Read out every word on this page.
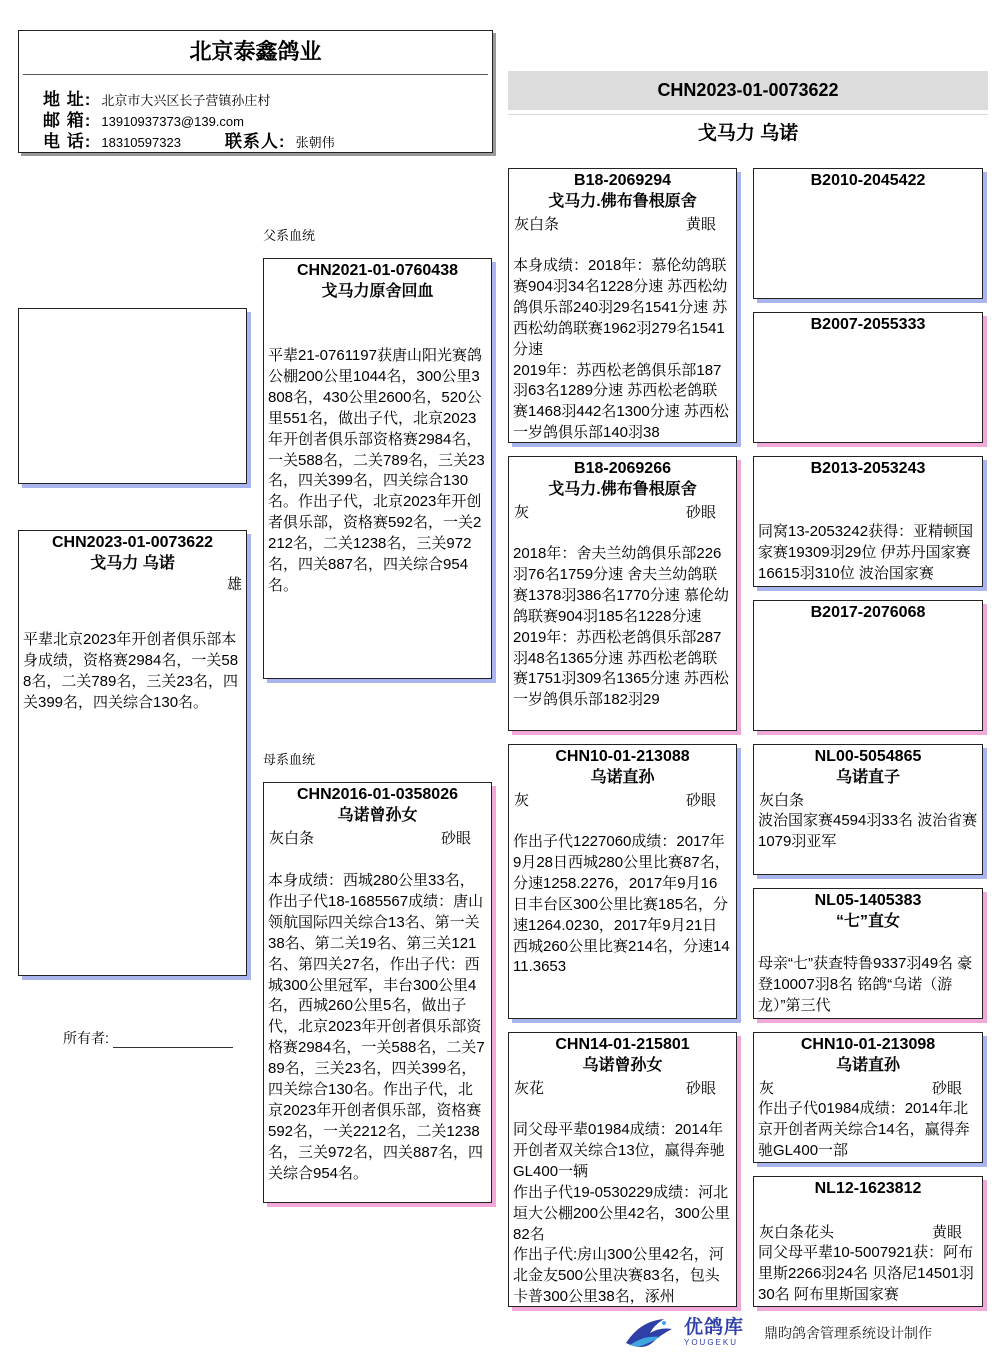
北京泰鑫鸽业
地 址: 北京市大兴区长子营镇孙庄村
邮 箱: 13910937373@139.com
电 话: 18310597323	联系人: 张朝伟
CHN2023-01-0073622
戈马力 乌诺
CHN2023-01-0073622
戈马力 乌诺
雄
平辈北京2023年开创者俱乐部本身成绩，资格赛2984名，一关588名，二关789名，三关23名，四关399名，四关综合130名。
父系血统
母系血统
CHN2021-01-0760438
戈马力原舍回血
平辈21-0761197获唐山阳光赛鸽公棚200公里1044名，300公里3808名，430公里2600名，520公里551名，做出子代，北京2023年开创者俱乐部资格赛2984名，一关588名，二关789名，三关23名，四关399名，四关综合130名。作出子代，北京2023年开创者俱乐部，资格赛592名，一关2212名，二关1238名，三关972名，四关887名，四关综合954名。
CHN2016-01-0358026
乌诺曾孙女
灰白条	砂眼
本身成绩：西城280公里33名，作出子代18-1685567成绩：唐山领航国际四关综合13名、第一关38名、第二关19名、第三关121名、第四关27名，作出子代：西城300公里冠军，丰台300公里4名，西城260公里5名，做出子代，北京2023年开创者俱乐部资格赛2984名，一关588名，二关789名，三关23名，四关399名，四关综合130名。作出子代，北京2023年开创者俱乐部，资格赛592名，一关2212名，二关1238名，三关972名，四关887名，四关综合954名。
所有者:
B18-2069294
戈马力.佛布鲁根原舍
灰白条	黄眼
本身成绩：2018年：慕伦幼鸽联赛904羽34名1228分速 苏西松幼鸽俱乐部240羽29名1541分速 苏西松幼鸽联赛1962羽279名1541分速
2019年：苏西松老鸽俱乐部187羽63名1289分速 苏西松老鸽联赛1468羽442名1300分速 苏西松一岁鸽俱乐部140羽38
B18-2069266
戈马力.佛布鲁根原舍
灰	砂眼
2018年：舍夫兰幼鸽俱乐部226羽76名1759分速 舍夫兰幼鸽联赛1378羽386名1770分速 慕伦幼鸽联赛904羽185名1228分速
2019年：苏西松老鸽俱乐部287羽48名1365分速 苏西松老鸽联赛1751羽309名1365分速 苏西松一岁鸽俱乐部182羽29
CHN10-01-213088
乌诺直孙
灰	砂眼
作出子代1227060成绩：2017年9月28日西城280公里比赛87名，分速1258.2276，2017年9月16日丰台区300公里比赛185名，分速1264.0230，2017年9月21日西城260公里比赛214名，分速1411.3653
CHN14-01-215801
乌诺曾孙女
灰花	砂眼
同父母平辈01984成绩：2014年开创者双关综合13位，赢得奔驰GL400一辆
作出子代19-0530229成绩：河北垣大公棚200公里42名，300公里82名
作出子代:房山300公里42名，河北金友500公里决赛83名，包头卡普300公里38名，涿州
B2010-2045422
B2007-2055333
B2013-2053243
同窝13-2053242获得：亚精顿国家赛19309羽29位 伊苏丹国家赛16615羽310位 波治国家赛
B2017-2076068
NL00-5054865
乌诺直子
灰白条
波治国家赛4594羽33名 波治省赛1079羽亚军
NL05-1405383
“七”直女
母亲“七”获查特鲁9337羽49名 豪登10007羽8名 铭鸽“乌诺（游龙）”第三代
CHN10-01-213098
乌诺直孙
灰	砂眼
作出子代01984成绩：2014年北京开创者两关综合14名，赢得奔驰GL400一部
NL12-1623812
灰白条花头	黄眼
同父母平辈10-5007921获：阿布里斯2266羽24名 贝洛尼14501羽30名 阿布里斯国家赛
优鸽库
YOUGEKU
鼎昀鸽舍管理系统设计制作
